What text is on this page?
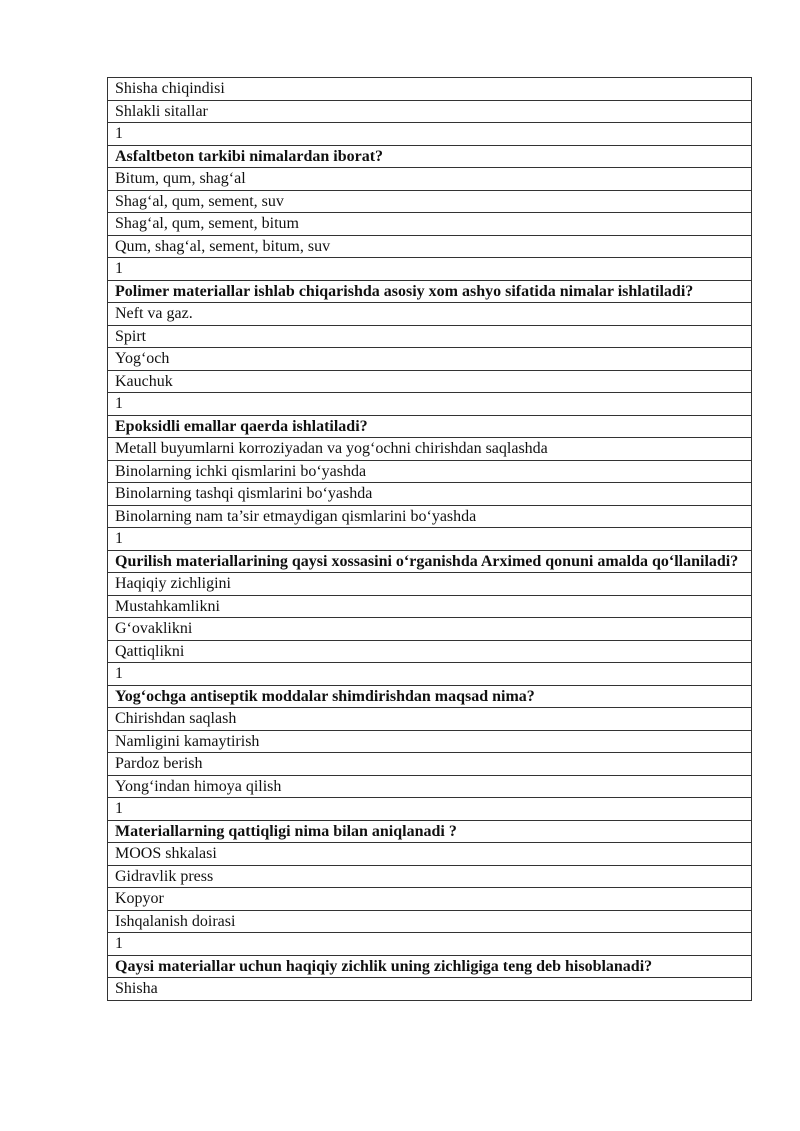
Shisha chiqindisi
Shlakli sitallar
1
Asfaltbeton tarkibi nimalardan iborat?
Bitum, qum, shag‘al
Shag‘al, qum, sement, suv
Shag‘al, qum, sement, bitum
Qum, shag‘al, sement, bitum, suv
1
Polimer materiallar ishlab chiqarishda asosiy xom ashyo sifatida nimalar ishlatiladi?
Neft va gaz.
Spirt
Yog‘och
Kauchuk
1
Epoksidli emallar qaerda ishlatiladi?
Metall buyumlarni korroziyadan va yog‘ochni chirishdan saqlashda
Binolarning ichki qismlarini bo‘yashda
Binolarning tashqi qismlarini bo‘yashda
Binolarning nam ta’sir etmaydigan qismlarini bo‘yashda
1
Qurilish materiallarining qaysi xossasini o‘rganishda Arximed qonuni amalda qo‘llaniladi?
Haqiqiy zichligini
Mustahkamlikni
G‘ovaklikni
Qattiqlikni
1
Yog‘ochga antiseptik moddalar shimdirishdan maqsad nima?
Chirishdan saqlash
Namligini kamaytirish
Pardoz berish
Yong‘indan himoya qilish
1
Materiallarning qattiqligi nima bilan aniqlanadi ?
MOOS shkalasi
Gidravlik press
Kopyor
Ishqalanish doirasi
1
Qaysi materiallar uchun haqiqiy zichlik uning zichligiga teng deb hisoblanadi?
Shisha
